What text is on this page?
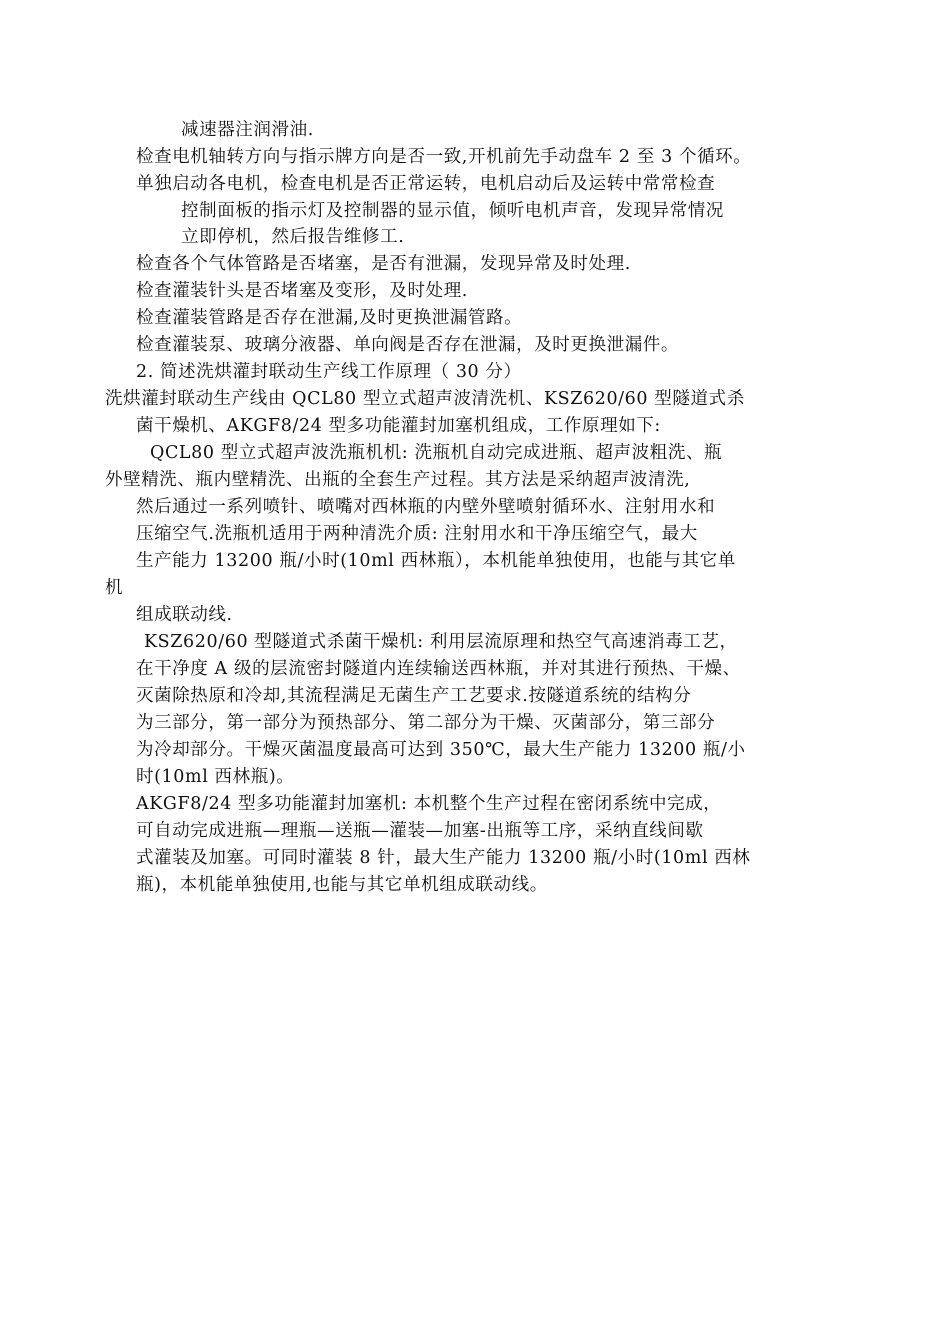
减速器注润滑油.

检查电机轴转方向与指示牌方向是否一致,开机前先手动盘车 2 至 3 个循环。

单独启动各电机，检查电机是否正常运转，电机启动后及运转中常常检查

控制面板的指示灯及控制器的显示值，倾听电机声音，发现异常情况

立即停机，然后报告维修工.

检查各个气体管路是否堵塞，是否有泄漏，发现异常及时处理.

检查灌装针头是否堵塞及变形，及时处理.

检查灌装管路是否存在泄漏,及时更换泄漏管路。

检查灌装泵、玻璃分液器、单向阀是否存在泄漏，及时更换泄漏件。

2. 简述洗烘灌封联动生产线工作原理（ 30 分）

洗烘灌封联动生产线由 QCL80 型立式超声波清洗机、KSZ620/60 型隧道式杀

菌干燥机、AKGF8/24 型多功能灌封加塞机组成，工作原理如下:

QCL80 型立式超声波洗瓶机机: 洗瓶机自动完成进瓶、超声波粗洗、瓶

外壁精洗、瓶内壁精洗、出瓶的全套生产过程。其方法是采纳超声波清洗,

然后通过一系列喷针、喷嘴对西林瓶的内壁外壁喷射循环水、注射用水和

压缩空气.洗瓶机适用于两种清洗介质: 注射用水和干净压缩空气，最大

生产能力 13200 瓶/小时(10ml 西林瓶），本机能单独使用，也能与其它单

机

组成联动线.

KSZ620/60 型隧道式杀菌干燥机: 利用层流原理和热空气高速消毒工艺，

在干净度 A 级的层流密封隧道内连续输送西林瓶，并对其进行预热、干燥、

灭菌除热原和冷却,其流程满足无菌生产工艺要求.按隧道系统的结构分

为三部分，第一部分为预热部分、第二部分为干燥、灭菌部分，第三部分

为冷却部分。干燥灭菌温度最高可达到 350℃，最大生产能力 13200 瓶/小

时(10ml 西林瓶)。

AKGF8/24 型多功能灌封加塞机: 本机整个生产过程在密闭系统中完成，

可自动完成进瓶—理瓶—送瓶—灌装—加塞-出瓶等工序，采纳直线间歇

式灌装及加塞。可同时灌装 8 针，最大生产能力 13200 瓶/小时(10ml 西林

瓶)，本机能单独使用,也能与其它单机组成联动线。
